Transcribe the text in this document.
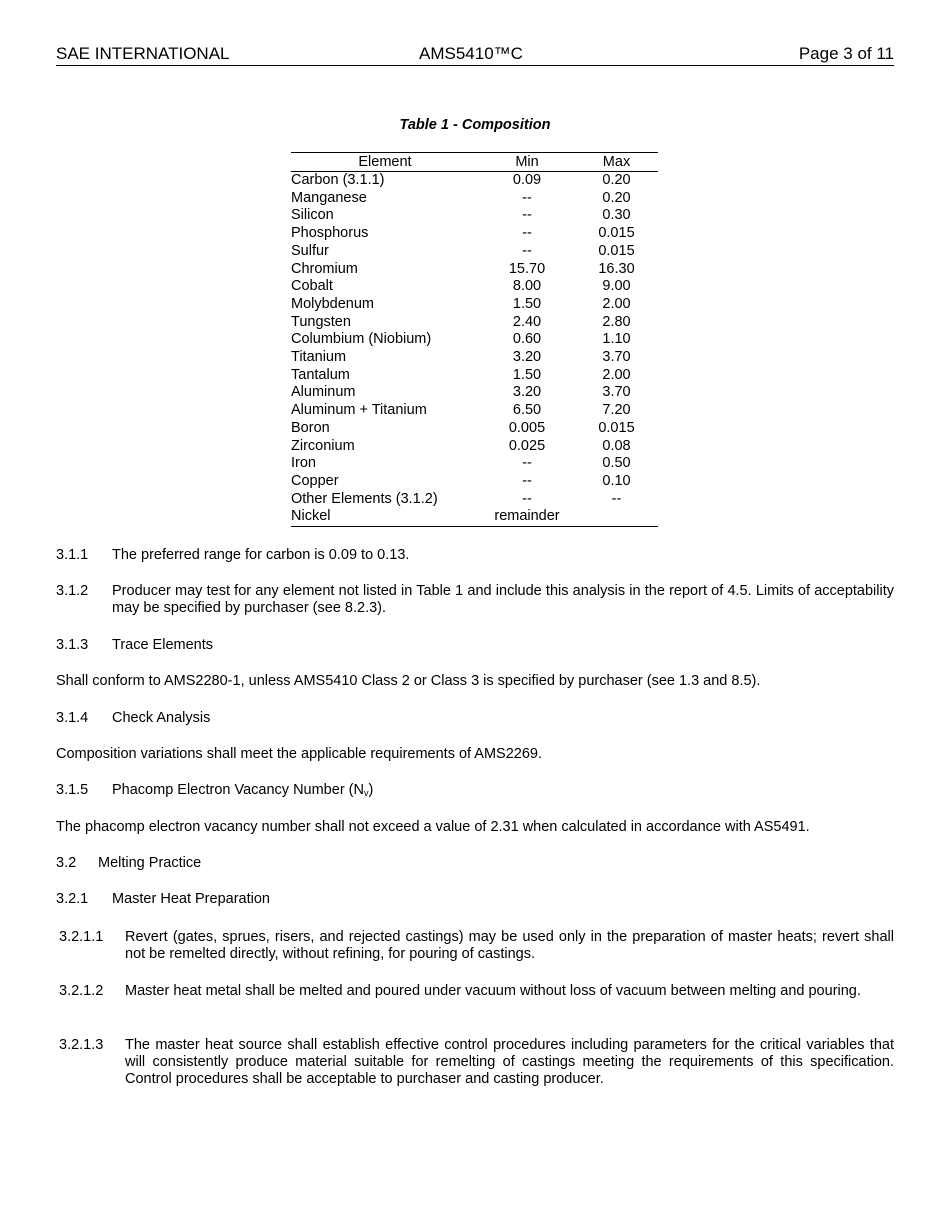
SAE INTERNATIONAL	AMS5410™C	Page 3 of 11
Table 1 - Composition
Element	Min	Max
Carbon (3.1.1)	0.09	0.20
Manganese	--	0.20
Silicon	--	0.30
Phosphorus	--	0.015
Sulfur	--	0.015
Chromium	15.70	16.30
Cobalt	8.00	9.00
Molybdenum	1.50	2.00
Tungsten	2.40	2.80
Columbium (Niobium)	0.60	1.10
Titanium	3.20	3.70
Tantalum	1.50	2.00
Aluminum	3.20	3.70
Aluminum + Titanium	6.50	7.20
Boron	0.005	0.015
Zirconium	0.025	0.08
Iron	--	0.50
Copper	--	0.10
Other Elements (3.1.2)	--	--
Nickel	remainder	
3.1.1 The preferred range for carbon is 0.09 to 0.13.
3.1.2 Producer may test for any element not listed in Table 1 and include this analysis in the report of 4.5. Limits of acceptability may be specified by purchaser (see 8.2.3).
3.1.3 Trace Elements
Shall conform to AMS2280-1, unless AMS5410 Class 2 or Class 3 is specified by purchaser (see 1.3 and 8.5).
3.1.4 Check Analysis
Composition variations shall meet the applicable requirements of AMS2269.
3.1.5 Phacomp Electron Vacancy Number $(N_v)$
The phacomp electron vacancy number shall not exceed a value of 2.31 when calculated in accordance with AS5491.
3.2 Melting Practice
3.2.1 Master Heat Preparation
3.2.1.1 Revert (gates, sprues, risers, and rejected castings) may be used only in the preparation of master heats; revert shall not be remelted directly, without refining, for pouring of castings.
3.2.1.2 Master heat metal shall be melted and poured under vacuum without loss of vacuum between melting and pouring.
3.2.1.3 The master heat source shall establish effective control procedures including parameters for the critical variables that will consistently produce material suitable for remelting of castings meeting the requirements of this specification. Control procedures shall be acceptable to purchaser and casting producer.
